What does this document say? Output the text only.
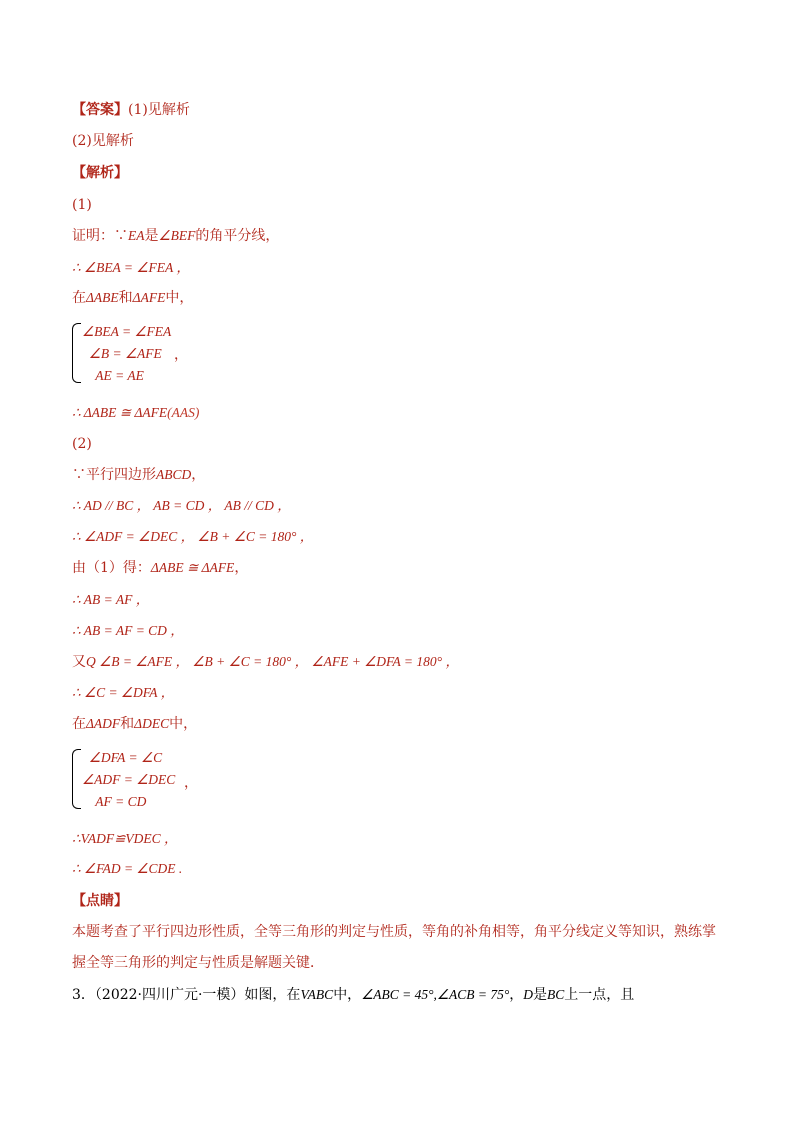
【答案】(1)见解析
(2)见解析
【解析】
(1)
证明：∵EA是∠BEF的角平分线，
∴ ∠BEA = ∠FEA ，
在ΔABE和ΔAFE中，
∠BEA = ∠FEA
∠B = ∠AFE
AE = AE
，
∴ ΔABE ≅ ΔAFE(AAS)
(2)
∵平行四边形ABCD，
∴ AD // BC ， AB = CD ， AB // CD ，
∴ ∠ADF = ∠DEC ， ∠B + ∠C = 180° ，
由（1）得：ΔABE ≅ ΔAFE，
∴ AB = AF ，
∴ AB = AF = CD ，
又Q ∠B = ∠AFE ， ∠B + ∠C = 180° ， ∠AFE + ∠DFA = 180° ，
∴ ∠C = ∠DFA ，
在ΔADF和ΔDEC中，
∠DFA = ∠C
∠ADF = ∠DEC
AF = CD
，
∴VADF≌VDEC ，
∴ ∠FAD = ∠CDE .
【点睛】
本题考查了平行四边形性质，全等三角形的判定与性质，等角的补角相等，角平分线定义等知识，熟练掌
握全等三角形的判定与性质是解题关键．
3．（2022·四川广元·一模）如图，在VABC中，∠ABC = 45°,∠ACB = 75°，D是BC上一点，且
